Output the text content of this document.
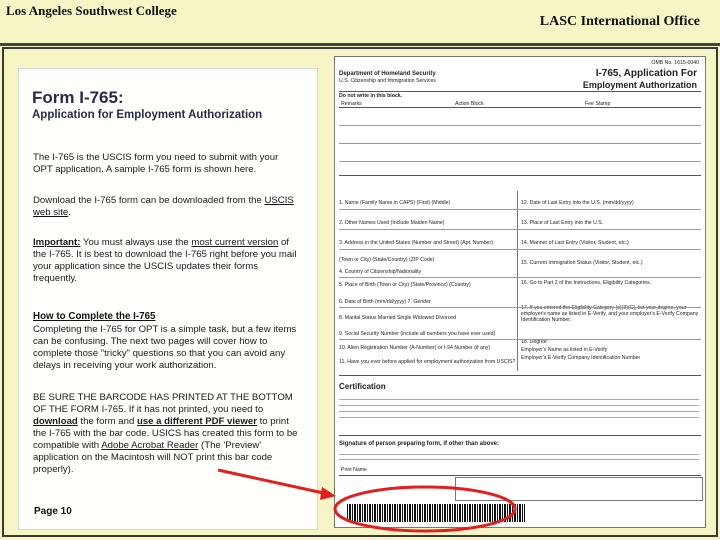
Los Angeles Southwest College
LASC International Office
Form I-765:
Application for Employment Authorization
The I-765 is the USCIS form you need to submit with your OPT application. A sample I-765 form is shown here.
Download the I-765 form can be downloaded from the USCIS web site.
Important: You must always use the most current version of the I-765. It is best to download the I-765 right before you mail your application since the USCIS updates their forms frequently.
How to Complete the I-765
Completing the I-765 for OPT is a simple task, but a few items can be confusing. The next two pages will cover how to complete those "tricky" questions so that you can avoid any delays in receiving your work authorization.
BE SURE THE BARCODE HAS PRINTED AT THE BOTTOM OF THE FORM I-765. If it has not printed, you need to download the form and use a different PDF viewer to print the I-765 with the bar code. USICS has created this form to be compatible with Adobe Acrobat Reader (The 'Preview' application on the Macintosh will NOT print this bar code properly).
Page 10
OMB No. 1615-0040
Department of Homeland Security
U.S. Citizenship and Immigration Services
I-765, Application For
Employment Authorization
Do not write in this block.
Remarks	Action Block	Fee Stamp
1. Name (Family Name in CAPS) (First) (Middle)
2. Other Names Used (Include Maiden Name)
3. Address in the United States (Number and Street) (Apt. Number)
(Town or City) (State/Country) (ZIP Code)
4. Country of Citizenship/Nationality
5. Place of Birth (Town or City) (State/Province) (Country)
6. Date of Birth (mm/dd/yyyy) 7. Gender
8. Marital Status Married Single Widowed Divorced
9. Social Security Number (include all numbers you have ever used)
10. Alien Registration Number (A-Number) or I-94 Number (if any)
11. Have you ever before applied for employment authorization from USCIS?
12. Date of Last Entry into the U.S. (mm/dd/yyyy)
13. Place of Last Entry into the U.S.
14. Manner of Last Entry (Visitor, Student, etc.)
15. Current Immigration Status (Visitor, Student, etc.)
16. Go to Part 2 of the Instructions, Eligibility Categories.
17. If you entered the Eligibility Category (c)(3)(C), list your degree, your employer's name as listed in E-Verify, and your employer's E-Verify Company Identification Number.
18. Degree:
Employer's Name as listed in E-Verify
Employer's E-Verify Company Identification Number
Certification
Signature of person preparing form, if other than above:
Print Name
